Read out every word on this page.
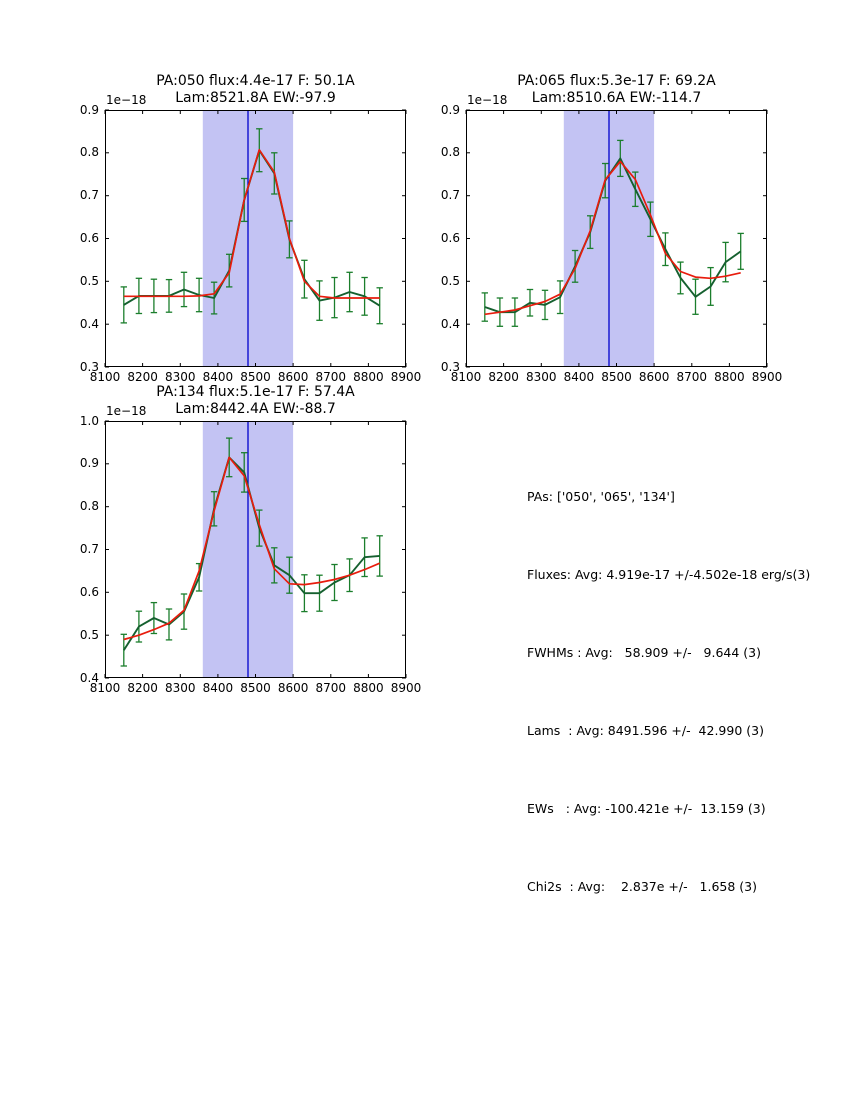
PA:050 flux:4.4e-17 F: 50.1A
Lam:8521.8A EW:-97.9
1e−18
8100 8200 8300 8400 8500 8600 8700 8800 8900
0.3
0.4
0.5
0.6
0.7
0.8
0.9
PA:065 flux:5.3e-17 F: 69.2A
Lam:8510.6A EW:-114.7
1e−18
8100 8200 8300 8400 8500 8600 8700 8800 8900
0.3
0.4
0.5
0.6
0.7
0.8
0.9
PA:134 flux:5.1e-17 F: 57.4A
Lam:8442.4A EW:-88.7
1e−18
8100 8200 8300 8400 8500 8600 8700 8800 8900
0.4
0.5
0.6
0.7
0.8
0.9
1.0

PAs: ['050', '065', '134']

Fluxes: Avg: 4.919e-17 +/-4.502e-18 erg/s(3)

FWHMs : Avg:   58.909 +/-   9.644 (3)

Lams  : Avg: 8491.596 +/-  42.990 (3)

EWs   : Avg: -100.421e +/-  13.159 (3)

Chi2s  : Avg:    2.837e +/-   1.658 (3)
